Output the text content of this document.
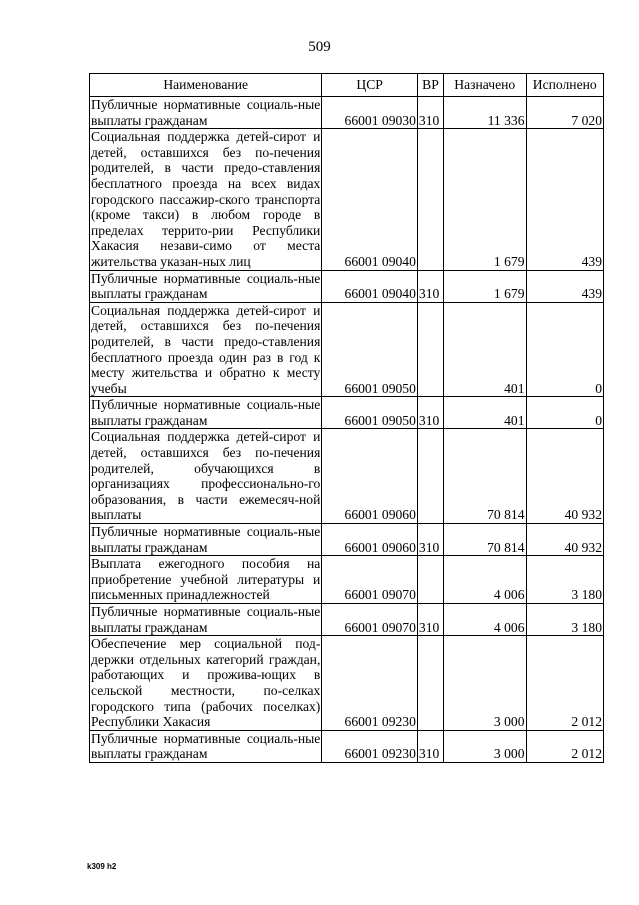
509
Наименование	ЦСР	ВР	Назначено	Исполнено
Публичные нормативные социаль-ные выплаты гражданам	66001 09030	310	11 336	7 020
Социальная поддержка детей-сирот и детей, оставшихся без по-печения родителей, в части предо-ставления бесплатного проезда на всех видах городского пассажир-ского транспорта (кроме такси) в любом городе в пределах террито-рии Республики Хакасия незави-симо от места жительства указан-ных лиц	66001 09040		1 679	439
Публичные нормативные социаль-ные выплаты гражданам	66001 09040	310	1 679	439
Социальная поддержка детей-сирот и детей, оставшихся без по-печения родителей, в части предо-ставления бесплатного проезда один раз в год к месту жительства и обратно к месту учебы	66001 09050		401	0
Публичные нормативные социаль-ные выплаты гражданам	66001 09050	310	401	0
Социальная поддержка детей-сирот и детей, оставшихся без по-печения родителей, обучающихся в организациях профессионально-го образования, в части ежемесяч-ной выплаты	66001 09060		70 814	40 932
Публичные нормативные социаль-ные выплаты гражданам	66001 09060	310	70 814	40 932
Выплата ежегодного пособия на приобретение учебной литературы и письменных принадлежностей	66001 09070		4 006	3 180
Публичные нормативные социаль-ные выплаты гражданам	66001 09070	310	4 006	3 180
Обеспечение мер социальной под-держки отдельных категорий граждан, работающих и прожива-ющих в сельской местности, по-селках городского типа (рабочих поселках) Республики Хакасия	66001 09230		3 000	2 012
Публичные нормативные социаль-ные выплаты гражданам	66001 09230	310	3 000	2 012
k309 h2
